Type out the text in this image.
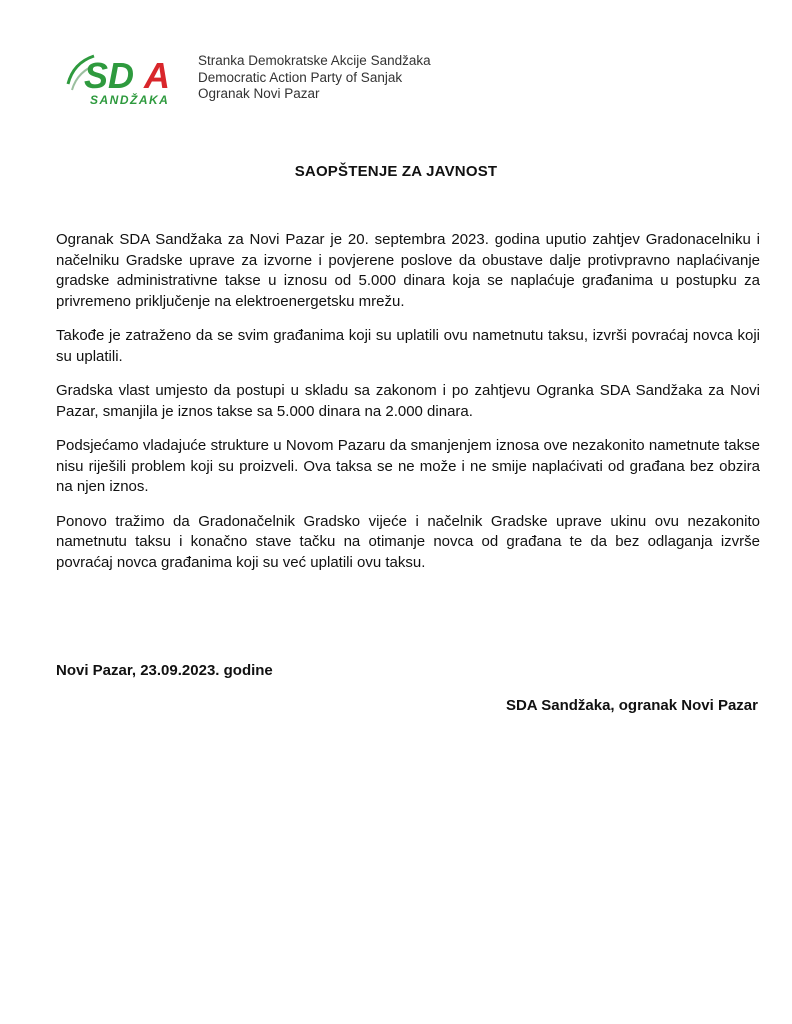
SD A
SANDŽAKA
Stranka Demokratske Akcije Sandžaka
Democratic Action Party of Sanjak
Ogranak Novi Pazar
SAOPŠTENJE ZA JAVNOST

Ogranak SDA Sandžaka za Novi Pazar je 20. septembra 2023. godina uputio zahtjev Gradonacelniku i načelniku Gradske uprave za izvorne i povjerene poslove da obustave dalje protivpravno naplaćivanje gradske administrativne takse u iznosu od 5.000 dinara koja se naplaćuje građanima u postupku za privremeno priključenje na elektroenergetsku mrežu.

Takođe je zatraženo da se svim građanima koji su uplatili ovu nametnutu taksu, izvrši povraćaj novca koji su uplatili.

Gradska vlast umjesto da postupi u skladu sa zakonom i po zahtjevu Ogranka SDA Sandžaka za Novi Pazar, smanjila je iznos takse sa 5.000 dinara na 2.000 dinara.

Podsjećamo vladajuće strukture u Novom Pazaru da smanjenjem iznosa ove nezakonito nametnute takse nisu riješili problem koji su proizveli. Ova taksa se ne može i ne smije naplaćivati od građana bez obzira na njen iznos.

Ponovo tražimo da Gradonačelnik Gradsko vijeće i načelnik Gradske uprave ukinu ovu nezakonito nametnutu taksu i konačno stave tačku na otimanje novca od građana te da bez odlaganja izvrše povraćaj novca građanima koji su već uplatili ovu taksu.

Novi Pazar, 23.09.2023. godine
SDA Sandžaka, ogranak Novi Pazar
